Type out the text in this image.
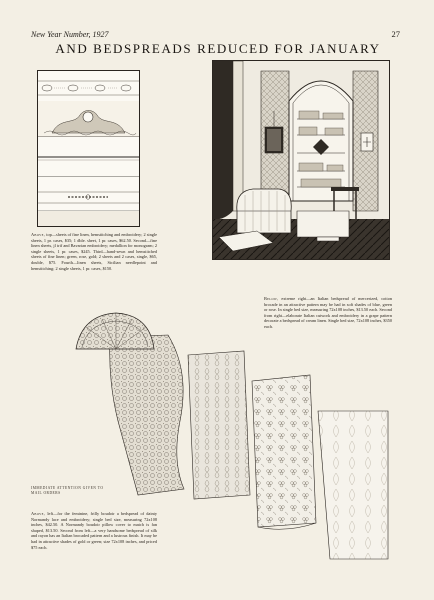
New Year Number, 1927	27
AND BEDSPREADS REDUCED FOR JANUARY
Above, top—sheets of fine linen, hemstitching and embroidery; 2 single sheets, 1 pr. cases, $35; 1 dble. sheet, 1 pr. cases, $62.50. Second—fine linen sheets, jl trif and Bavarian embroidery; medallion for monogram; 2 single sheets, 1 pr. cases, $245. Third—hand-sewn and hemstitched sheets of fine linen; green, rose, gold; 2 sheets and 2 cases, single, $65, double, $75. Fourth—linen sheets, Sicilian needlepoint and hemstitching; 2 single sheets, 1 pr. cases, $150.
Below, extreme right—an Italian bedspread of mercerized, cotton brocade in an attractive pattern may be had in soft shades of blue, green or rose. In single bed size, measuring 72x108 inches, $13.50 each. Second from right—elaborate Italian cutwork and embroidery in a grape pattern decorate a bedspread of cream linen. Single bed size, 72x108 inches, $350 each.
IMMEDIATE ATTENTION GIVEN TO MAIL ORDERS
Above, left—for the feminine, frilly boudoir a bedspread of dainty Normandy lace and embroidery; single bed size, measuring 72x108 inches, $42.50. A Normandy boudoir pillow cover to match is fan shaped, $13.50. Second from left—a very handsome bedspread of silk and rayon has an Italian brocaded pattern and a lustrous finish. It may be had in attractive shades of gold or green; size 72x108 inches, and priced $75 each.
